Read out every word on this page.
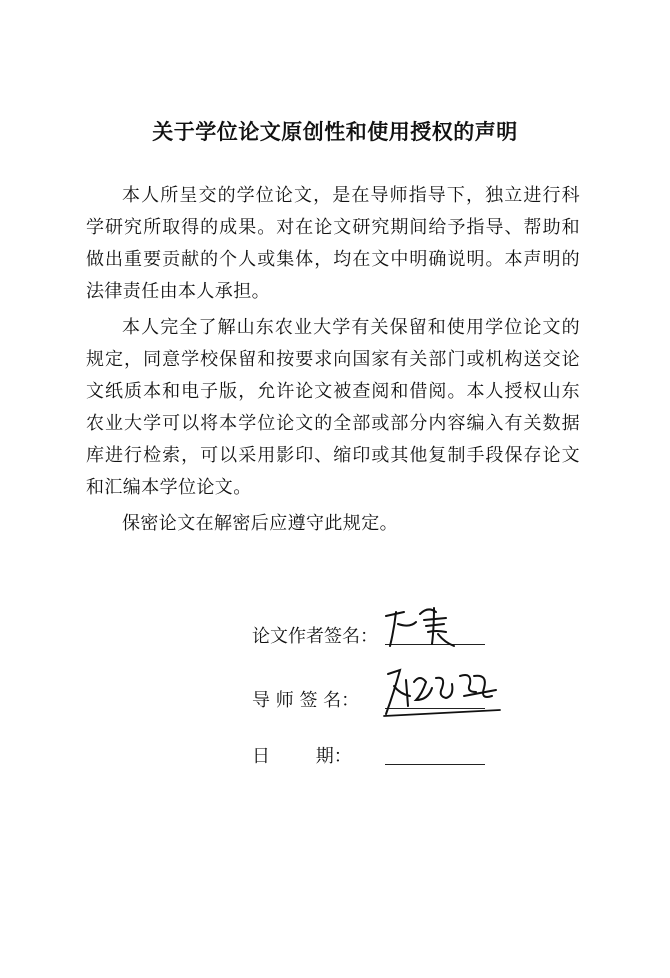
关于学位论文原创性和使用授权的声明

本人所呈交的学位论文，是在导师指导下，独立进行科学研究所取得的成果。对在论文研究期间给予指导、帮助和做出重要贡献的个人或集体，均在文中明确说明。本声明的法律责任由本人承担。

本人完全了解山东农业大学有关保留和使用学位论文的规定，同意学校保留和按要求向国家有关部门或机构送交论文纸质本和电子版，允许论文被查阅和借阅。本人授权山东农业大学可以将本学位论文的全部或部分内容编入有关数据库进行检索，可以采用影印、缩印或其他复制手段保存论文和汇编本学位论文。

保密论文在解密后应遵守此规定。

论文作者签名：
导 师 签 名：
日        期：
